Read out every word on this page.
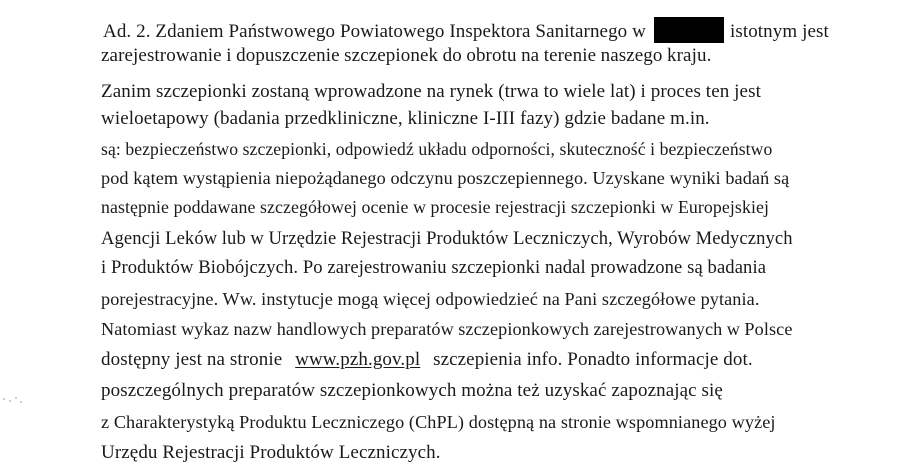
Ad. 2. Zdaniem Państwowego Powiatowego Inspektora Sanitarnego w	istotnym jest
zarejestrowanie i dopuszczenie szczepionek do obrotu na terenie naszego kraju.
Zanim szczepionki zostaną wprowadzone na rynek (trwa to wiele lat) i proces ten jest
wieloetapowy (badania przedkliniczne, kliniczne I-III fazy) gdzie badane m.in.
są: bezpieczeństwo szczepionki, odpowiedź układu odporności, skuteczność i bezpieczeństwo
pod kątem wystąpienia niepożądanego odczynu poszczepiennego. Uzyskane wyniki badań są
następnie poddawane szczegółowej ocenie w procesie rejestracji szczepionki w Europejskiej
Agencji Leków lub w Urzędzie Rejestracji Produktów Leczniczych, Wyrobów Medycznych
i Produktów Biobójczych. Po zarejestrowaniu szczepionki nadal prowadzone są badania
porejestracyjne. Ww. instytucje mogą więcej odpowiedzieć na Pani szczegółowe pytania.
Natomiast wykaz nazw handlowych preparatów szczepionkowych zarejestrowanych w Polsce
dostępny jest na stronie www.pzh.gov.pl szczepienia info. Ponadto informacje dot.
poszczególnych preparatów szczepionkowych można też uzyskać zapoznając się
z Charakterystyką Produktu Leczniczego (ChPL) dostępną na stronie wspomnianego wyżej
Urzędu Rejestracji Produktów Leczniczych.
